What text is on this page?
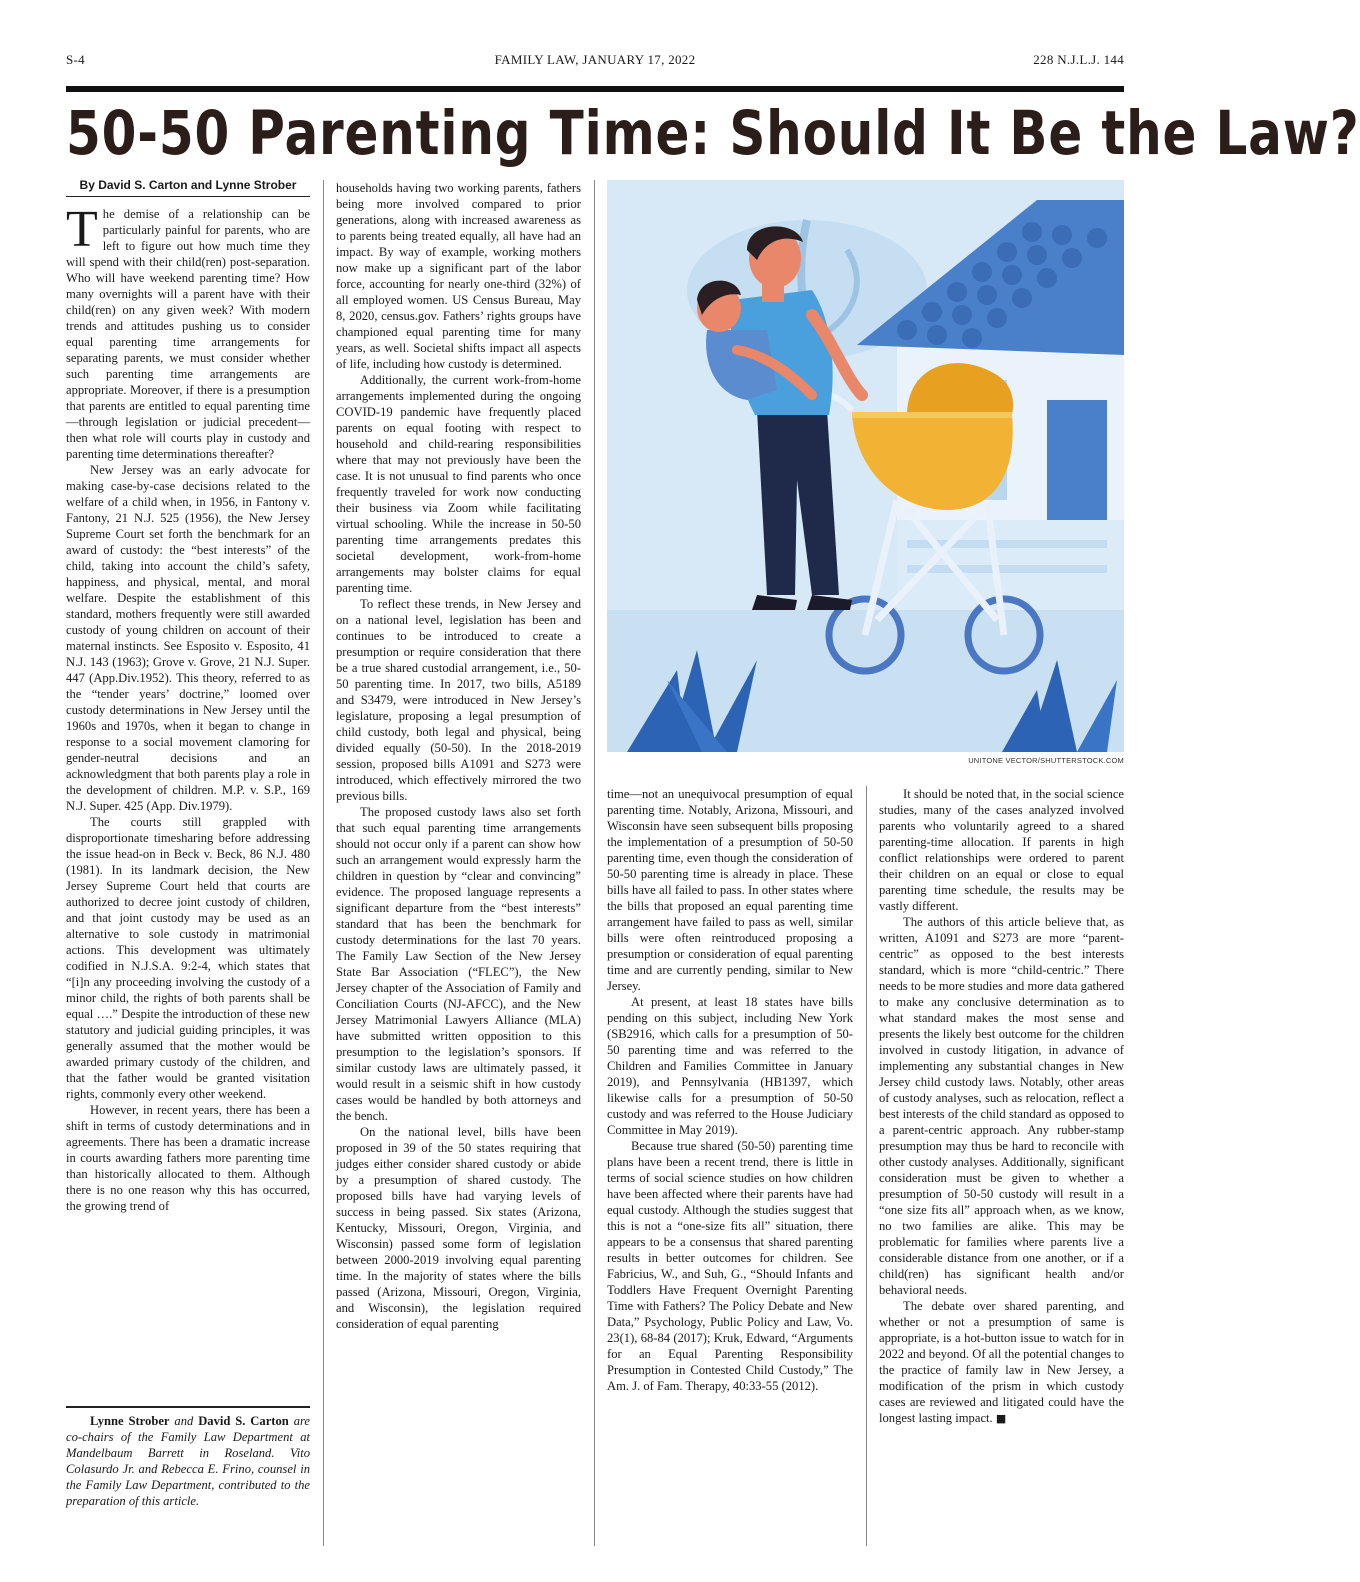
S-4	FAMILY LAW, JANUARY 17, 2022	228 N.J.L.J. 144
50-50 Parenting Time: Should It Be the Law?
By David S. Carton and Lynne Strober

The demise of a relationship can be particularly painful for parents, who are left to figure out how much time they will spend with their child(ren) post-separation. Who will have weekend parenting time? How many overnights will a parent have with their child(ren) on any given week? With modern trends and attitudes pushing us to consider equal parenting time arrangements for separating parents, we must consider whether such parenting time arrangements are appropriate. Moreover, if there is a presumption that parents are entitled to equal parenting time—through legislation or judicial precedent—then what role will courts play in custody and parenting time determinations thereafter?

New Jersey was an early advocate for making case-by-case decisions related to the welfare of a child when, in 1956, in Fantony v. Fantony, 21 N.J. 525 (1956), the New Jersey Supreme Court set forth the benchmark for an award of custody: the “best interests” of the child, taking into account the child’s safety, happiness, and physical, mental, and moral welfare. Despite the establishment of this standard, mothers frequently were still awarded custody of young children on account of their maternal instincts. See Esposito v. Esposito, 41 N.J. 143 (1963); Grove v. Grove, 21 N.J. Super. 447 (App.Div.1952). This theory, referred to as the “tender years’ doctrine,” loomed over custody determinations in New Jersey until the 1960s and 1970s, when it began to change in response to a social movement clamoring for gender-neutral decisions and an acknowledgment that both parents play a role in the development of children. M.P. v. S.P., 169 N.J. Super. 425 (App. Div.1979).

The courts still grappled with disproportionate timesharing before addressing the issue head-on in Beck v. Beck, 86 N.J. 480 (1981). In its landmark decision, the New Jersey Supreme Court held that courts are authorized to decree joint custody of children, and that joint custody may be used as an alternative to sole custody in matrimonial actions. This development was ultimately codified in N.J.S.A. 9:2-4, which states that “[i]n any proceeding involving the custody of a minor child, the rights of both parents shall be equal ….” Despite the introduction of these new statutory and judicial guiding principles, it was generally assumed that the mother would be awarded primary custody of the children, and that the father would be granted visitation rights, commonly every other weekend.

However, in recent years, there has been a shift in terms of custody determinations and in agreements. There has been a dramatic increase in courts awarding fathers more parenting time than historically allocated to them. Although there is no one reason why this has occurred, the growing trend of

Lynne Strober and David S. Carton are co-chairs of the Family Law Department at Mandelbaum Barrett in Roseland. Vito Colasurdo Jr. and Rebecca E. Frino, counsel in the Family Law Department, contributed to the preparation of this article.

households having two working parents, fathers being more involved compared to prior generations, along with increased awareness as to parents being treated equally, all have had an impact. By way of example, working mothers now make up a significant part of the labor force, accounting for nearly one-third (32%) of all employed women. US Census Bureau, May 8, 2020, census.gov. Fathers’ rights groups have championed equal parenting time for many years, as well. Societal shifts impact all aspects of life, including how custody is determined.

Additionally, the current work-from-home arrangements implemented during the ongoing COVID-19 pandemic have frequently placed parents on equal footing with respect to household and child-rearing responsibilities where that may not previously have been the case. It is not unusual to find parents who once frequently traveled for work now conducting their business via Zoom while facilitating virtual schooling. While the increase in 50-50 parenting time arrangements predates this societal development, work-from-home arrangements may bolster claims for equal parenting time.

To reflect these trends, in New Jersey and on a national level, legislation has been and continues to be introduced to create a presumption or require consideration that there be a true shared custodial arrangement, i.e., 50-50 parenting time. In 2017, two bills, A5189 and S3479, were introduced in New Jersey’s legislature, proposing a legal presumption of child custody, both legal and physical, being divided equally (50-50). In the 2018-2019 session, proposed bills A1091 and S273 were introduced, which effectively mirrored the two previous bills.

The proposed custody laws also set forth that such equal parenting time arrangements should not occur only if a parent can show how such an arrangement would expressly harm the children in question by “clear and convincing” evidence. The proposed language represents a significant departure from the “best interests” standard that has been the benchmark for custody determinations for the last 70 years. The Family Law Section of the New Jersey State Bar Association (“FLEC”), the New Jersey chapter of the Association of Family and Conciliation Courts (NJ-AFCC), and the New Jersey Matrimonial Lawyers Alliance (MLA) have submitted written opposition to this presumption to the legislation’s sponsors. If similar custody laws are ultimately passed, it would result in a seismic shift in how custody cases would be handled by both attorneys and the bench.

On the national level, bills have been proposed in 39 of the 50 states requiring that judges either consider shared custody or abide by a presumption of shared custody. The proposed bills have had varying levels of success in being passed. Six states (Arizona, Kentucky, Missouri, Oregon, Virginia, and Wisconsin) passed some form of legislation between 2000-2019 involving equal parenting time. In the majority of states where the bills passed (Arizona, Missouri, Oregon, Virginia, and Wisconsin), the legislation required consideration of equal parenting

UNITONE VECTOR/SHUTTERSTOCK.COM

time—not an unequivocal presumption of equal parenting time. Notably, Arizona, Missouri, and Wisconsin have seen subsequent bills proposing the implementation of a presumption of 50-50 parenting time, even though the consideration of 50-50 parenting time is already in place. These bills have all failed to pass. In other states where the bills that proposed an equal parenting time arrangement have failed to pass as well, similar bills were often reintroduced proposing a presumption or consideration of equal parenting time and are currently pending, similar to New Jersey.

At present, at least 18 states have bills pending on this subject, including New York (SB2916, which calls for a presumption of 50-50 parenting time and was referred to the Children and Families Committee in January 2019), and Pennsylvania (HB1397, which likewise calls for a presumption of 50-50 custody and was referred to the House Judiciary Committee in May 2019).

Because true shared (50-50) parenting time plans have been a recent trend, there is little in terms of social science studies on how children have been affected where their parents have had equal custody. Although the studies suggest that this is not a “one-size fits all” situation, there appears to be a consensus that shared parenting results in better outcomes for children. See Fabricius, W., and Suh, G., “Should Infants and Toddlers Have Frequent Overnight Parenting Time with Fathers? The Policy Debate and New Data,” Psychology, Public Policy and Law, Vo. 23(1), 68-84 (2017); Kruk, Edward, “Arguments for an Equal Parenting Responsibility Presumption in Contested Child Custody,” The Am. J. of Fam. Therapy, 40:33-55 (2012).

It should be noted that, in the social science studies, many of the cases analyzed involved parents who voluntarily agreed to a shared parenting-time allocation. If parents in high conflict relationships were ordered to parent their children on an equal or close to equal parenting time schedule, the results may be vastly different.

The authors of this article believe that, as written, A1091 and S273 are more “parent-centric” as opposed to the best interests standard, which is more “child-centric.” There needs to be more studies and more data gathered to make any conclusive determination as to what standard makes the most sense and presents the likely best outcome for the children involved in custody litigation, in advance of implementing any substantial changes in New Jersey child custody laws. Notably, other areas of custody analyses, such as relocation, reflect a best interests of the child standard as opposed to a parent-centric approach. Any rubber-stamp presumption may thus be hard to reconcile with other custody analyses. Additionally, significant consideration must be given to whether a presumption of 50-50 custody will result in a “one size fits all” approach when, as we know, no two families are alike. This may be problematic for families where parents live a considerable distance from one another, or if a child(ren) has significant health and/or behavioral needs.

The debate over shared parenting, and whether or not a presumption of same is appropriate, is a hot-button issue to watch for in 2022 and beyond. Of all the potential changes to the practice of family law in New Jersey, a modification of the prism in which custody cases are reviewed and litigated could have the longest lasting impact. ■
